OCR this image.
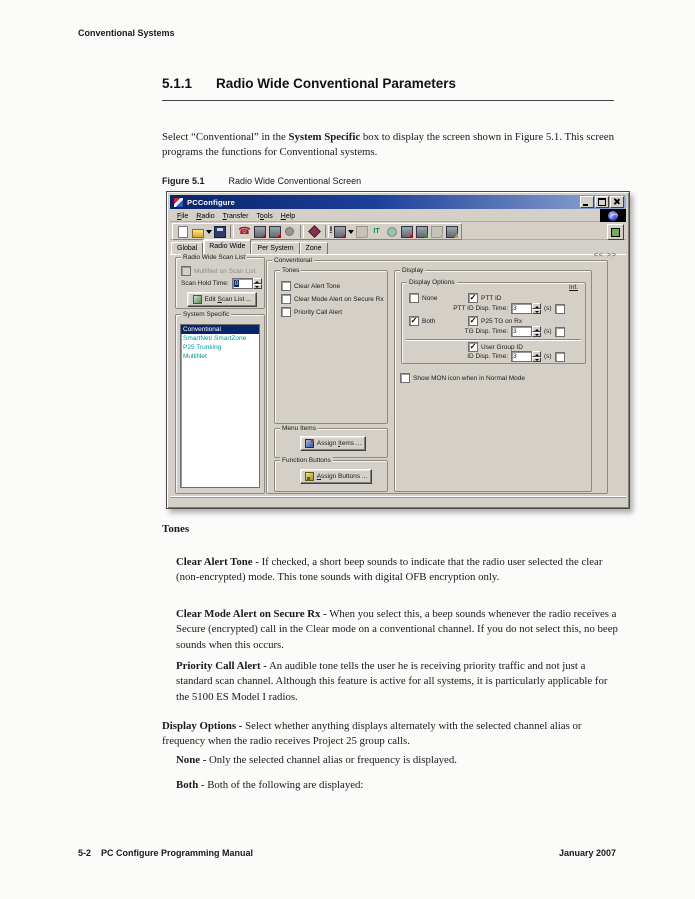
Conventional Systems
5.1.1 Radio Wide Conventional Parameters

Select “Conventional” in the System Specific box to display the screen shown in Figure 5.1. This screen programs the functions for Conventional systems.

Figure 5.1	Radio Wide Conventional Screen
PCConfigure
File	Radio	Transfer	Tools	Help
☎ !	IT
Global	Radio Wide	Per System	Zone
<< >>
Radio Wide Scan List
MultiNet on Scan List
Scan Hold Time: 0
Edit Scan List ...
System Specific
Conventional
SmartNet/ SmartZone
P25 Trunking
MultiNet
Conventional
Tones
Clear Alert Tone
Clear Mode Alert on Secure Rx
Priority Call Alert
Menu Items
Assign Items ...
Function Buttons
Assign Buttons ...
Display
Display Options
Inf.
None	✓ PTT ID
PTT ID Disp. Time: 3	(s)
✓ Both	✓ P25 TG on Rx
TG Disp. Time: 3	(s)
✓ User Group ID
ID Disp. Time: 3	(s)
Show MON icon when in Normal Mode
Tones

Clear Alert Tone - If checked, a short beep sounds to indicate that the radio user selected the clear (non-encrypted) mode. This tone sounds with digital OFB encryption only.

Clear Mode Alert on Secure Rx - When you select this, a beep sounds whenever the radio receives a Secure (encrypted) call in the Clear mode on a conventional channel. If you do not select this, no beep sounds when this occurs.

Priority Call Alert - An audible tone tells the user he is receiving priority traffic and not just a standard scan channel. Although this feature is active for all systems, it is particularly applicable for the 5100 ES Model I radios.

Display Options - Select whether anything displays alternately with the selected channel alias or frequency when the radio receives Project 25 group calls.

None - Only the selected channel alias or frequency is displayed.

Both - Both of the following are displayed:

5-2 PC Configure Programming Manual	January 2007
